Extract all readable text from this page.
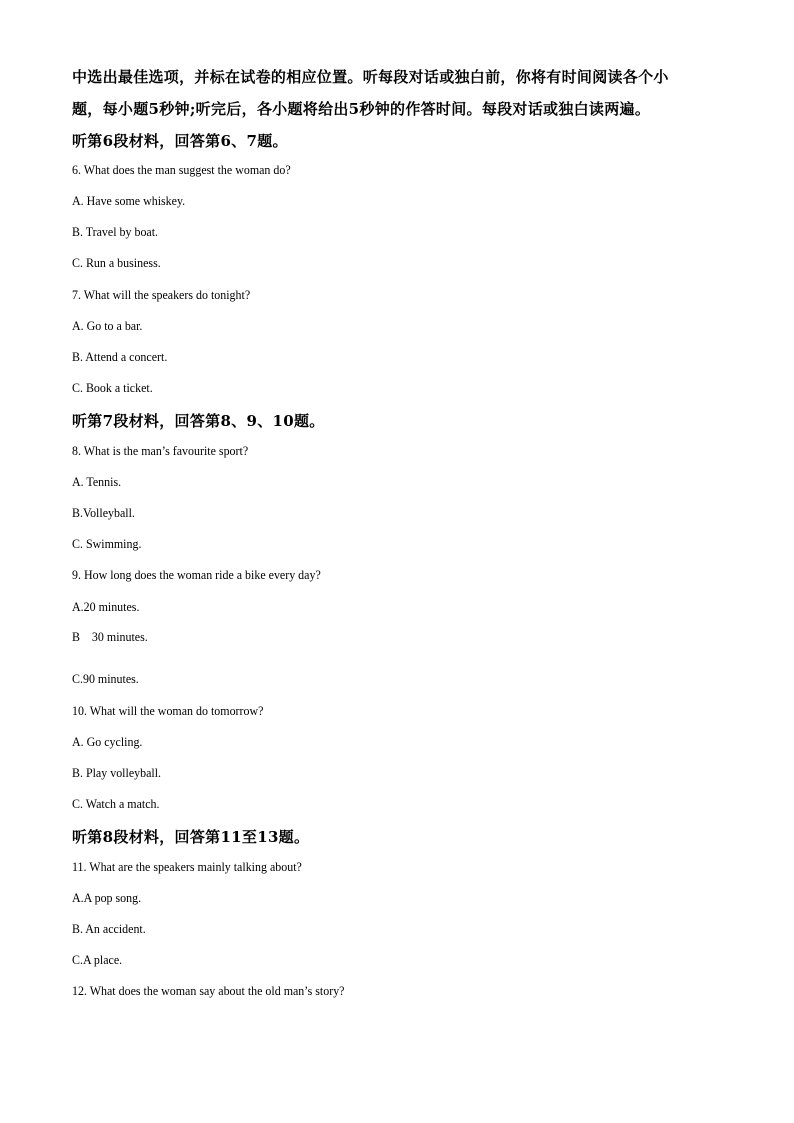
中选出最佳选项，并标在试卷的相应位置。听每段对话或独白前，你将有时间阅读各个小
题，每小题5秒钟;听完后，各小题将给出5秒钟的作答时间。每段对话或独白读两遍。
听第6段材料，回答第6、7题。
6. What does the man suggest the woman do?
A. Have some whiskey.
B. Travel by boat.
C. Run a business.
7. What will the speakers do tonight?
A. Go to a bar.
B. Attend a concert.
C. Book a ticket.
听第7段材料，回答第8、9、10题。
8. What is the man’s favourite sport?
A. Tennis.
B.Volleyball.
C. Swimming.
9. How long does the woman ride a bike every day?
A.20 minutes.
B    30 minutes.
C.90 minutes.
10. What will the woman do tomorrow?
A. Go cycling.
B. Play volleyball.
C. Watch a match.
听第8段材料，回答第11至13题。
11. What are the speakers mainly talking about?
A.A pop song.
B. An accident.
C.A place.
12. What does the woman say about the old man’s story?
